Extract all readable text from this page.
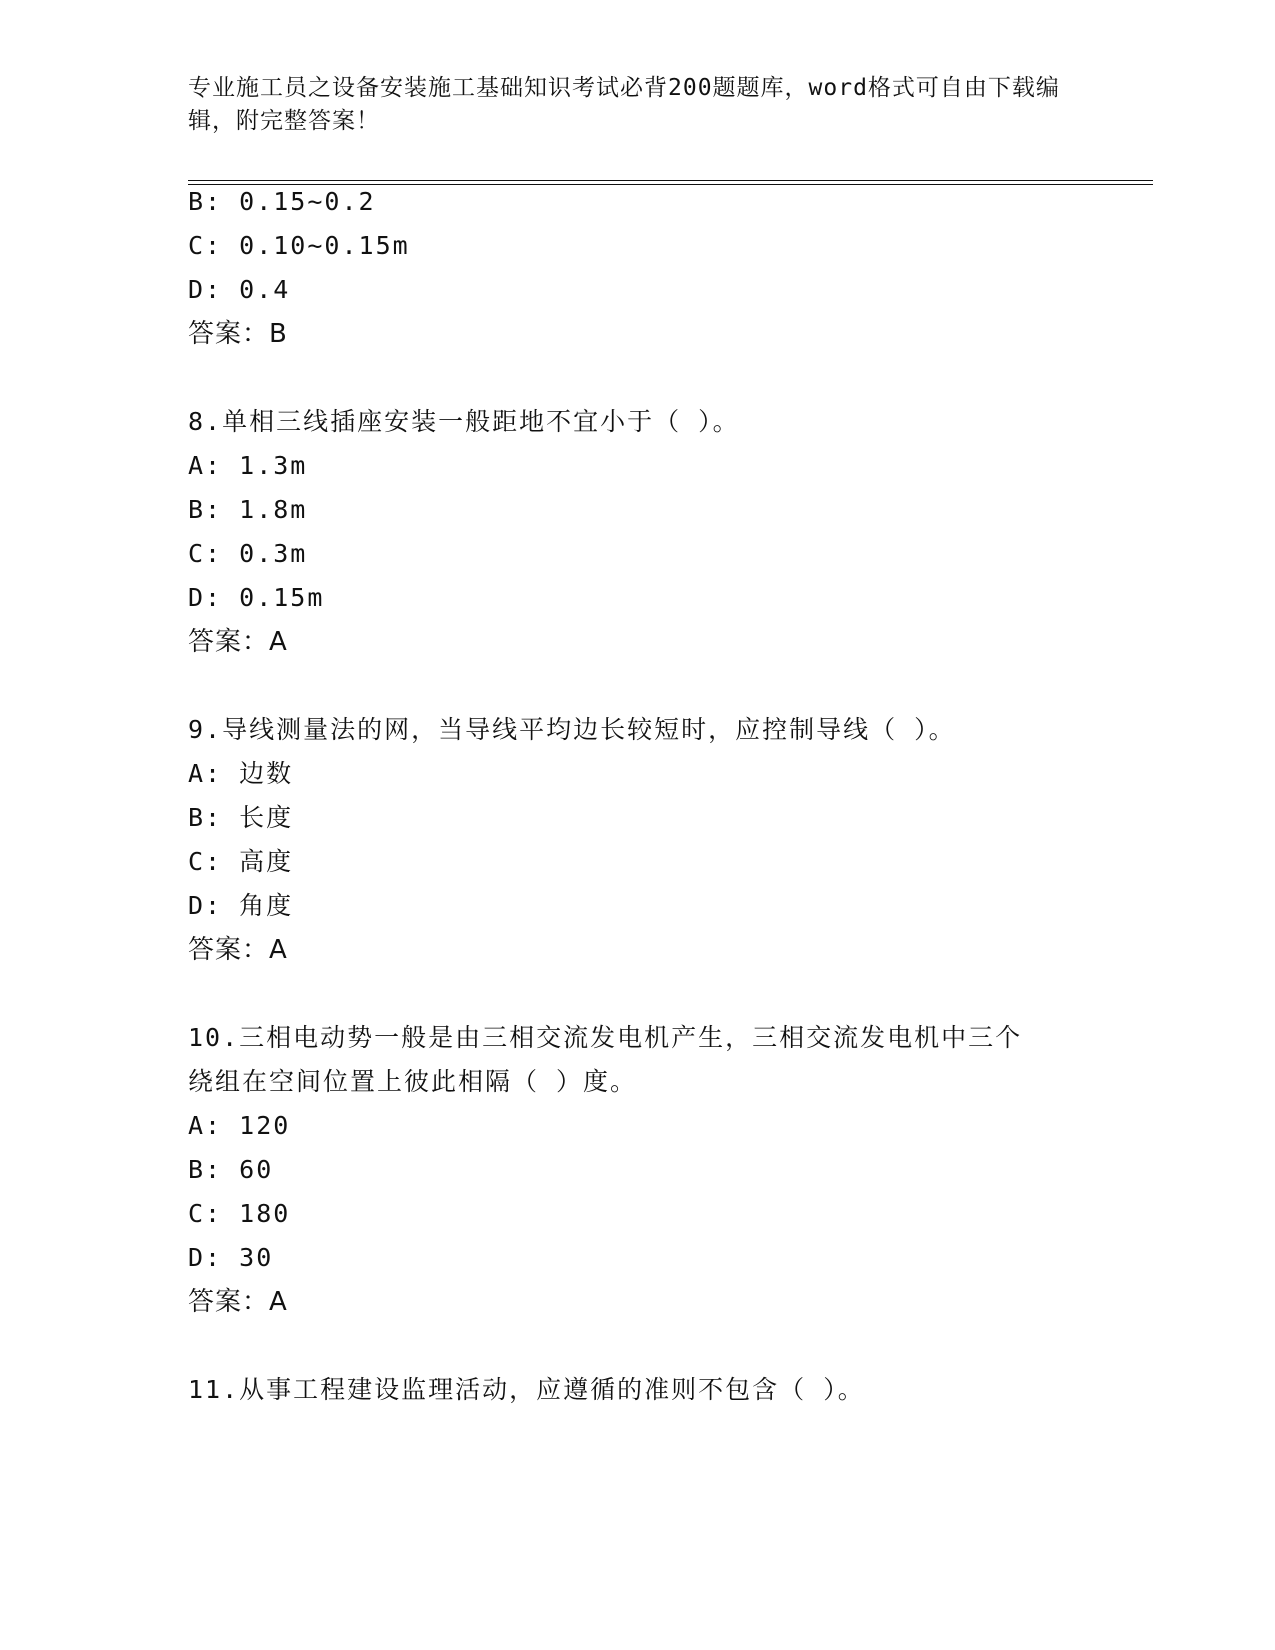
专业施工员之设备安装施工基础知识考试必背200题题库，word格式可自由下载编辑，附完整答案！
B: 0.15~0.2
C: 0.10~0.15m
D: 0.4
答案：B
8.单相三线插座安装一般距地不宜小于（ ）。
A: 1.3m
B: 1.8m
C: 0.3m
D: 0.15m
答案：A
9.导线测量法的网，当导线平均边长较短时，应控制导线（ ）。
A: 边数
B: 长度
C: 高度
D: 角度
答案：A
10.三相电动势一般是由三相交流发电机产生，三相交流发电机中三个
绕组在空间位置上彼此相隔（ ）度。
A: 120
B: 60
C: 180
D: 30
答案：A
11.从事工程建设监理活动，应遵循的准则不包含（ ）。
